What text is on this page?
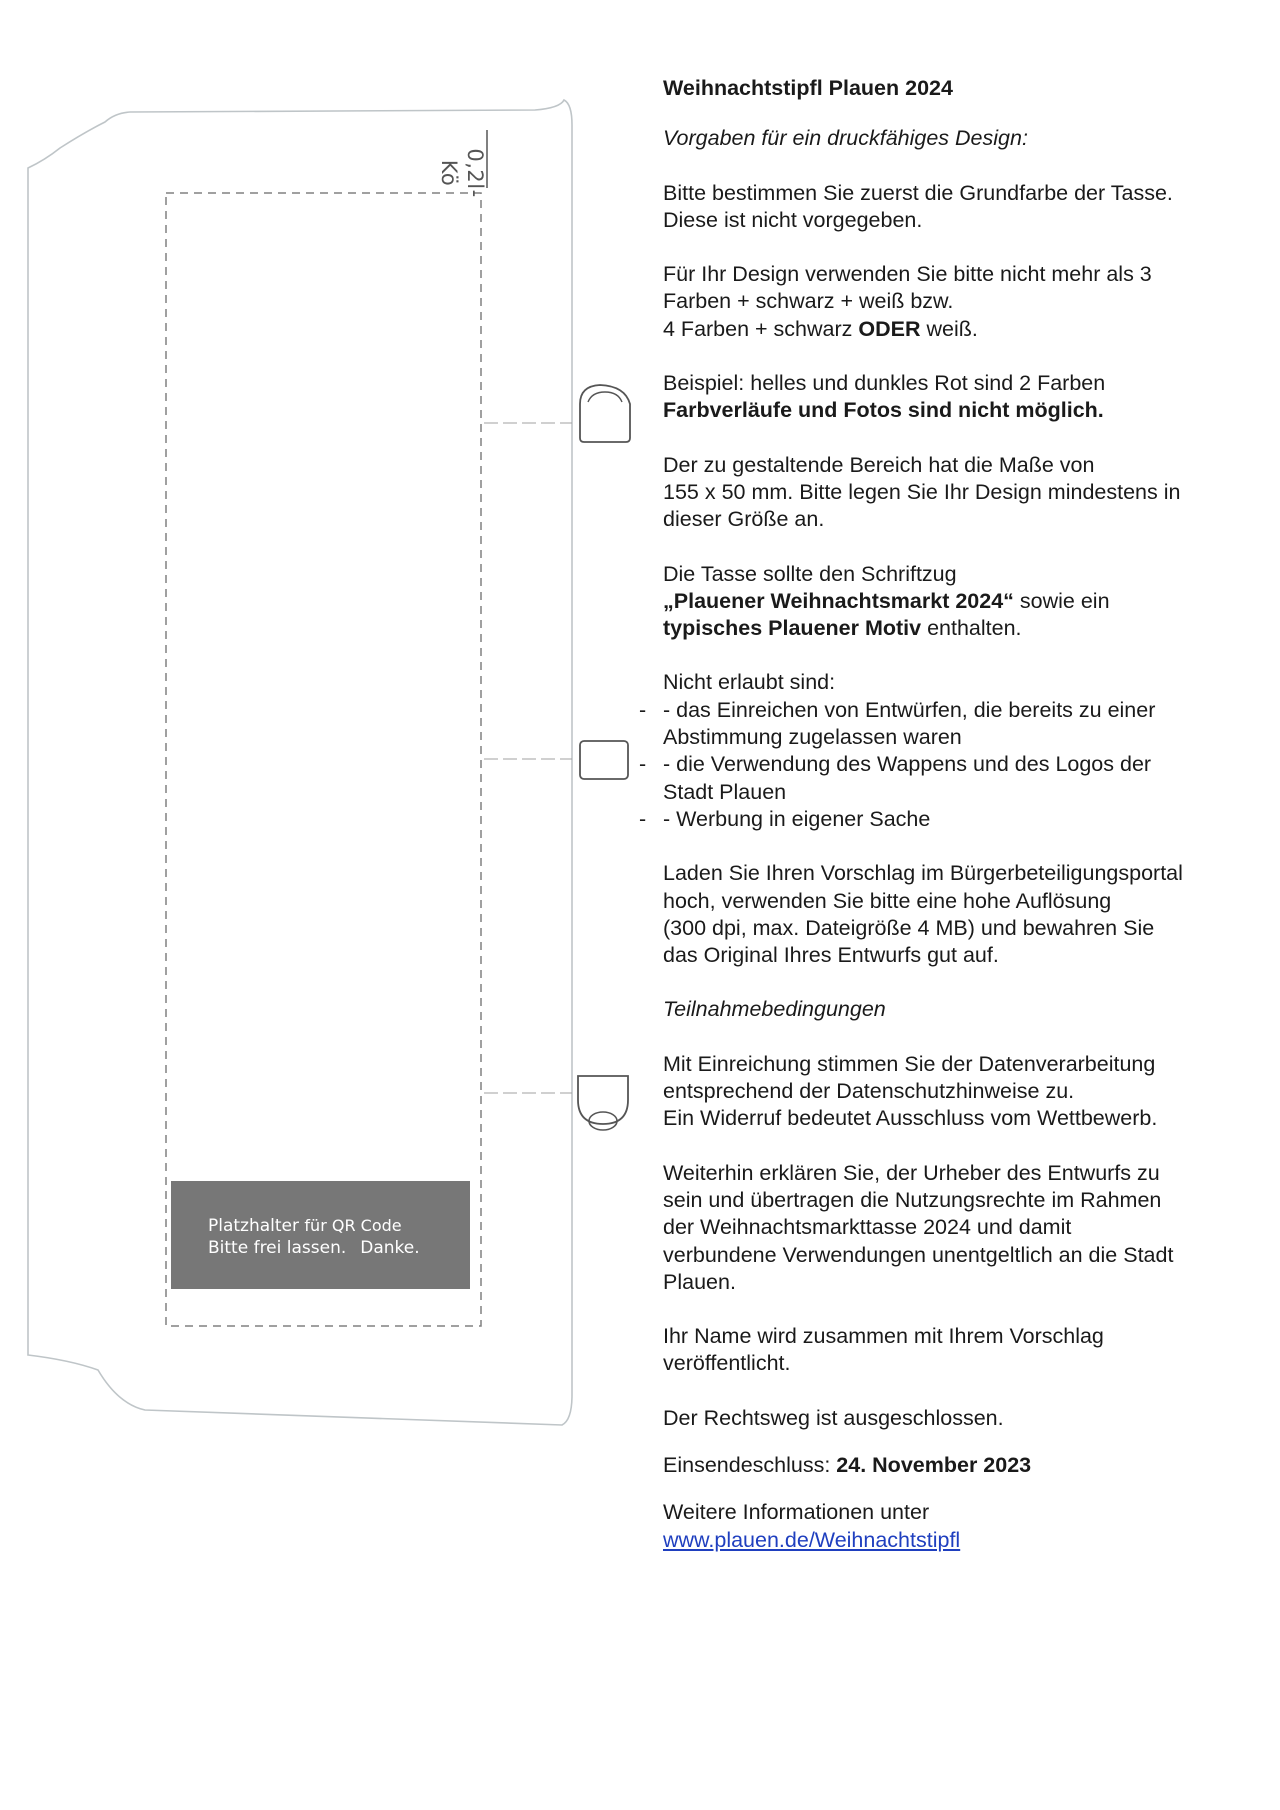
0,2l-Kö
Platzhalter für QR Code
Bitte frei lassen. Danke.

Weihnachtstipfl Plauen 2024

Vorgaben für ein druckfähiges Design:

Bitte bestimmen Sie zuerst die Grundfarbe der Tasse.
Diese ist nicht vorgegeben.

Für Ihr Design verwenden Sie bitte nicht mehr als 3
Farben + schwarz + weiß bzw.
4 Farben + schwarz ODER weiß.

Beispiel: helles und dunkles Rot sind 2 Farben
Farbverläufe und Fotos sind nicht möglich.

Der zu gestaltende Bereich hat die Maße von
155 x 50 mm. Bitte legen Sie Ihr Design mindestens in
dieser Größe an.

Die Tasse sollte den Schriftzug
„Plauener Weihnachtsmarkt 2024“ sowie ein
typisches Plauener Motiv enthalten.

Nicht erlaubt sind:
- - das Einreichen von Entwürfen, die bereits zu einer
Abstimmung zugelassen waren
- - die Verwendung des Wappens und des Logos der
Stadt Plauen
- - Werbung in eigener Sache

Laden Sie Ihren Vorschlag im Bürgerbeteiligungsportal
hoch, verwenden Sie bitte eine hohe Auflösung
(300 dpi, max. Dateigröße 4 MB) und bewahren Sie
das Original Ihres Entwurfs gut auf.

Teilnahmebedingungen

Mit Einreichung stimmen Sie der Datenverarbeitung
entsprechend der Datenschutzhinweise zu.
Ein Widerruf bedeutet Ausschluss vom Wettbewerb.

Weiterhin erklären Sie, der Urheber des Entwurfs zu
sein und übertragen die Nutzungsrechte im Rahmen
der Weihnachtsmarkttasse 2024 und damit
verbundene Verwendungen unentgeltlich an die Stadt
Plauen.

Ihr Name wird zusammen mit Ihrem Vorschlag
veröffentlicht.

Der Rechtsweg ist ausgeschlossen.

Einsendeschluss: 24. November 2023

Weitere Informationen unter
www.plauen.de/Weihnachtstipfl
